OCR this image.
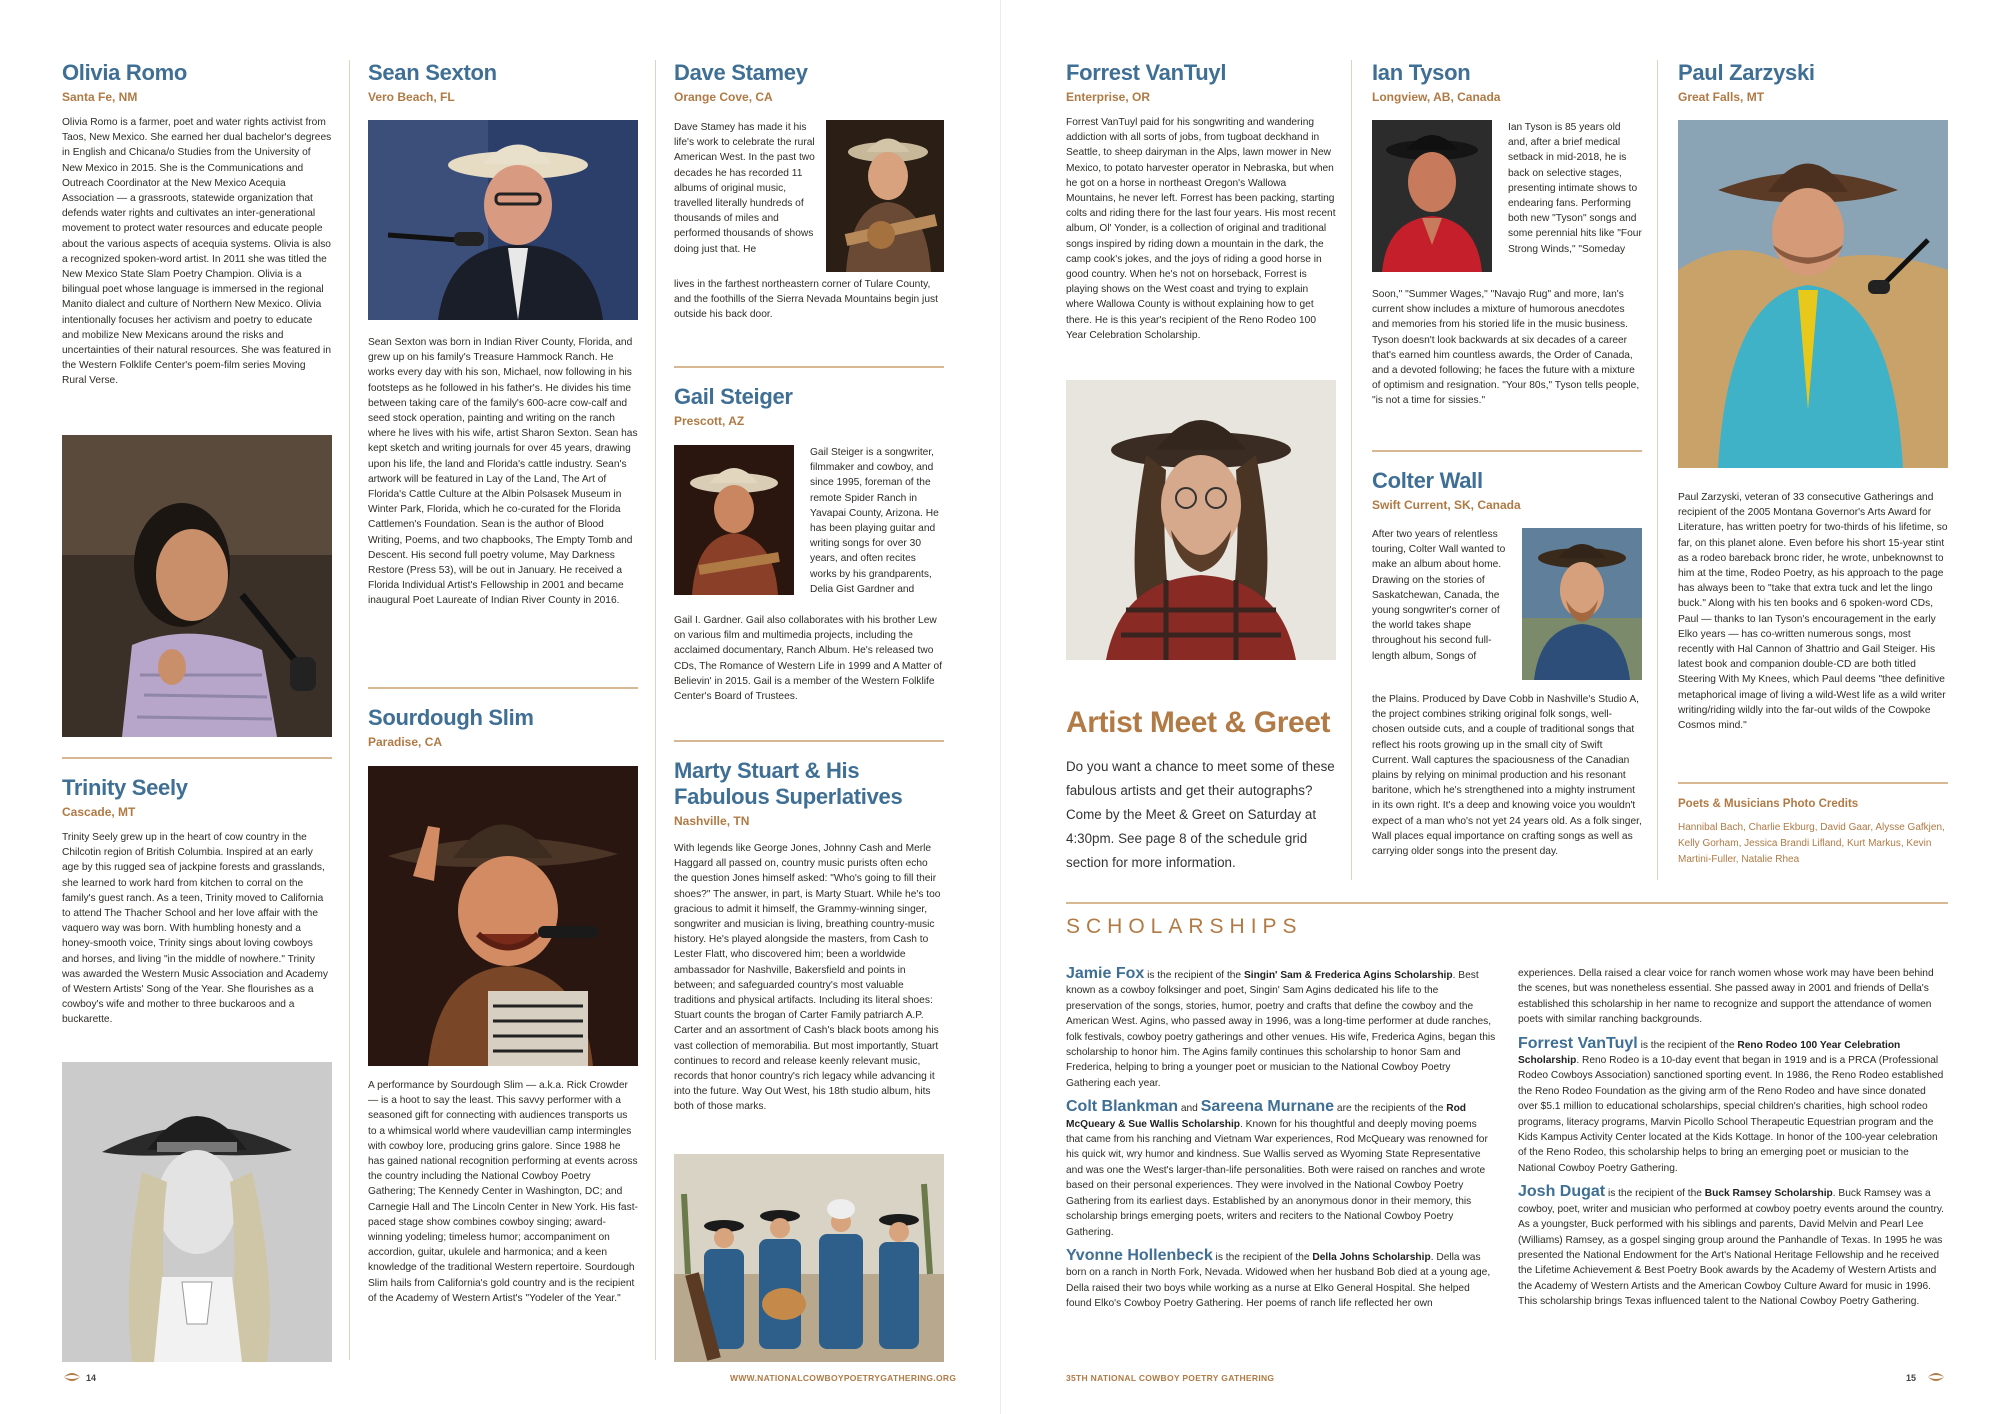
Olivia Romo
Santa Fe, NM
Olivia Romo is a farmer, poet and water rights activist from Taos, New Mexico. She earned her dual bachelor's degrees in English and Chicana/o Studies from the University of New Mexico in 2015. She is the Communications and Outreach Coordinator at the New Mexico Acequia Association — a grassroots, statewide organization that defends water rights and cultivates an inter-generational movement to protect water resources and educate people about the various aspects of acequia systems. Olivia is also a recognized spoken-word artist. In 2011 she was titled the New Mexico State Slam Poetry Champion. Olivia is a bilingual poet whose language is immersed in the regional Manito dialect and culture of Northern New Mexico. Olivia intentionally focuses her activism and poetry to educate and mobilize New Mexicans around the risks and uncertainties of their natural resources. She was featured in the Western Folklife Center's poem-film series Moving Rural Verse.
Trinity Seely
Cascade, MT
Trinity Seely grew up in the heart of cow country in the Chilcotin region of British Columbia. Inspired at an early age by this rugged sea of jackpine forests and grasslands, she learned to work hard from kitchen to corral on the family's guest ranch. As a teen, Trinity moved to California to attend The Thacher School and her love affair with the vaquero way was born. With humbling honesty and a honey-smooth voice, Trinity sings about loving cowboys and horses, and living "in the middle of nowhere." Trinity was awarded the Western Music Association and Academy of Western Artists' Song of the Year. She flourishes as a cowboy's wife and mother to three buckaroos and a buckarette.
Sean Sexton
Vero Beach, FL
Sean Sexton was born in Indian River County, Florida, and grew up on his family's Treasure Hammock Ranch. He works every day with his son, Michael, now following in his footsteps as he followed in his father's. He divides his time between taking care of the family's 600-acre cow-calf and seed stock operation, painting and writing on the ranch where he lives with his wife, artist Sharon Sexton. Sean has kept sketch and writing journals for over 45 years, drawing upon his life, the land and Florida's cattle industry. Sean's artwork will be featured in Lay of the Land, The Art of Florida's Cattle Culture at the Albin Polsasek Museum in Winter Park, Florida, which he co-curated for the Florida Cattlemen's Foundation. Sean is the author of Blood Writing, Poems, and two chapbooks, The Empty Tomb and Descent. His second full poetry volume, May Darkness Restore (Press 53), will be out in January. He received a Florida Individual Artist's Fellowship in 2001 and became inaugural Poet Laureate of Indian River County in 2016.
Sourdough Slim
Paradise, CA
A performance by Sourdough Slim — a.k.a. Rick Crowder — is a hoot to say the least. This savvy performer with a seasoned gift for connecting with audiences transports us to a whimsical world where vaudevillian camp intermingles with cowboy lore, producing grins galore. Since 1988 he has gained national recognition performing at events across the country including the National Cowboy Poetry Gathering; The Kennedy Center in Washington, DC; and Carnegie Hall and The Lincoln Center in New York. His fast-paced stage show combines cowboy singing; award-winning yodeling; timeless humor; accompaniment on accordion, guitar, ukulele and harmonica; and a keen knowledge of the traditional Western repertoire. Sourdough Slim hails from California's gold country and is the recipient of the Academy of Western Artist's "Yodeler of the Year."
Dave Stamey
Orange Cove, CA
Dave Stamey has made it his life's work to celebrate the rural American West. In the past two decades he has recorded 11 albums of original music, travelled literally hundreds of thousands of miles and performed thousands of shows doing just that. He
lives in the farthest northeastern corner of Tulare County, and the foothills of the Sierra Nevada Mountains begin just outside his back door.
Gail Steiger
Prescott, AZ
Gail Steiger is a songwriter, filmmaker and cowboy, and since 1995, foreman of the remote Spider Ranch in Yavapai County, Arizona. He has been playing guitar and writing songs for over 30 years, and often recites works by his grandparents, Delia Gist Gardner and
Gail I. Gardner. Gail also collaborates with his brother Lew on various film and multimedia projects, including the acclaimed documentary, Ranch Album. He's released two CDs, The Romance of Western Life in 1999 and A Matter of Believin' in 2015. Gail is a member of the Western Folklife Center's Board of Trustees.
Marty Stuart & His
Fabulous Superlatives
Nashville, TN
With legends like George Jones, Johnny Cash and Merle Haggard all passed on, country music purists often echo the question Jones himself asked: "Who's going to fill their shoes?" The answer, in part, is Marty Stuart. While he's too gracious to admit it himself, the Grammy-winning singer, songwriter and musician is living, breathing country-music history. He's played alongside the masters, from Cash to Lester Flatt, who discovered him; been a worldwide ambassador for Nashville, Bakersfield and points in between; and safeguarded country's most valuable traditions and physical artifacts. Including its literal shoes: Stuart counts the brogan of Carter Family patriarch A.P. Carter and an assortment of Cash's black boots among his vast collection of memorabilia. But most importantly, Stuart continues to record and release keenly relevant music, records that honor country's rich legacy while advancing it into the future. Way Out West, his 18th studio album, hits both of those marks.
Forrest VanTuyl
Enterprise, OR
Forrest VanTuyl paid for his songwriting and wandering addiction with all sorts of jobs, from tugboat deckhand in Seattle, to sheep dairyman in the Alps, lawn mower in New Mexico, to potato harvester operator in Nebraska, but when he got on a horse in northeast Oregon's Wallowa Mountains, he never left. Forrest has been packing, starting colts and riding there for the last four years. His most recent album, Ol' Yonder, is a collection of original and traditional songs inspired by riding down a mountain in the dark, the camp cook's jokes, and the joys of riding a good horse in good country. When he's not on horseback, Forrest is playing shows on the West coast and trying to explain where Wallowa County is without explaining how to get there. He is this year's recipient of the Reno Rodeo 100 Year Celebration Scholarship.
Artist Meet & Greet
Do you want a chance to meet some of these fabulous artists and get their autographs? Come by the Meet & Greet on Saturday at 4:30pm. See page 8 of the schedule grid section for more information.
Ian Tyson
Longview, AB, Canada
Ian Tyson is 85 years old and, after a brief medical setback in mid-2018, he is back on selective stages, presenting intimate shows to endearing fans. Performing both new "Tyson" songs and some perennial hits like "Four Strong Winds," "Someday
Soon," "Summer Wages," "Navajo Rug" and more, Ian's current show includes a mixture of humorous anecdotes and memories from his storied life in the music business. Tyson doesn't look backwards at six decades of a career that's earned him countless awards, the Order of Canada, and a devoted following; he faces the future with a mixture of optimism and resignation. "Your 80s," Tyson tells people, "is not a time for sissies."
Colter Wall
Swift Current, SK, Canada
After two years of relentless touring, Colter Wall wanted to make an album about home. Drawing on the stories of Saskatchewan, Canada, the young songwriter's corner of the world takes shape throughout his second full-length album, Songs of
the Plains. Produced by Dave Cobb in Nashville's Studio A, the project combines striking original folk songs, well-chosen outside cuts, and a couple of traditional songs that reflect his roots growing up in the small city of Swift Current. Wall captures the spaciousness of the Canadian plains by relying on minimal production and his resonant baritone, which he's strengthened into a mighty instrument in its own right. It's a deep and knowing voice you wouldn't expect of a man who's not yet 24 years old. As a folk singer, Wall places equal importance on crafting songs as well as carrying older songs into the present day.
Paul Zarzyski
Great Falls, MT
Paul Zarzyski, veteran of 33 consecutive Gatherings and recipient of the 2005 Montana Governor's Arts Award for Literature, has written poetry for two-thirds of his lifetime, so far, on this planet alone. Even before his short 15-year stint as a rodeo bareback bronc rider, he wrote, unbeknownst to him at the time, Rodeo Poetry, as his approach to the page has always been to "take that extra tuck and let the lingo buck." Along with his ten books and 6 spoken-word CDs, Paul — thanks to Ian Tyson's encouragement in the early Elko years — has co-written numerous songs, most recently with Hal Cannon of 3hattrio and Gail Steiger. His latest book and companion double-CD are both titled Steering With My Knees, which Paul deems "thee definitive metaphorical image of living a wild-West life as a wild writer writing/riding wildly into the far-out wilds of the Cowpoke Cosmos mind."
Poets & Musicians Photo Credits
Hannibal Bach, Charlie Ekburg, David Gaar, Alysse Gafkjen, Kelly Gorham, Jessica Brandi Lifland, Kurt Markus, Kevin Martini-Fuller, Natalie Rhea
SCHOLARSHIPS
Jamie Fox is the recipient of the Singin' Sam & Frederica Agins Scholarship. Best known as a cowboy folksinger and poet, Singin' Sam Agins dedicated his life to the preservation of the songs, stories, humor, poetry and crafts that define the cowboy and the American West. Agins, who passed away in 1996, was a long-time performer at dude ranches, folk festivals, cowboy poetry gatherings and other venues. His wife, Frederica Agins, began this scholarship to honor him. The Agins family continues this scholarship to honor Sam and Frederica, helping to bring a younger poet or musician to the National Cowboy Poetry Gathering each year.
Colt Blankman and Sareena Murnane are the recipients of the Rod McQueary & Sue Wallis Scholarship. Known for his thoughtful and deeply moving poems that came from his ranching and Vietnam War experiences, Rod McQueary was renowned for his quick wit, wry humor and kindness. Sue Wallis served as Wyoming State Representative and was one the West's larger-than-life personalities. Both were raised on ranches and wrote based on their personal experiences. They were involved in the National Cowboy Poetry Gathering from its earliest days. Established by an anonymous donor in their memory, this scholarship brings emerging poets, writers and reciters to the National Cowboy Poetry Gathering.
Yvonne Hollenbeck is the recipient of the Della Johns Scholarship. Della was born on a ranch in North Fork, Nevada. Widowed when her husband Bob died at a young age, Della raised their two boys while working as a nurse at Elko General Hospital. She helped found Elko's Cowboy Poetry Gathering. Her poems of ranch life reflected her own
experiences. Della raised a clear voice for ranch women whose work may have been behind the scenes, but was nonetheless essential. She passed away in 2001 and friends of Della's established this scholarship in her name to recognize and support the attendance of women poets with similar ranching backgrounds.
Forrest VanTuyl is the recipient of the Reno Rodeo 100 Year Celebration Scholarship. Reno Rodeo is a 10-day event that began in 1919 and is a PRCA (Professional Rodeo Cowboys Association) sanctioned sporting event. In 1986, the Reno Rodeo established the Reno Rodeo Foundation as the giving arm of the Reno Rodeo and have since donated over $5.1 million to educational scholarships, special children's charities, high school rodeo programs, literacy programs, Marvin Picollo School Therapeutic Equestrian program and the Kids Kampus Activity Center located at the Kids Kottage. In honor of the 100-year celebration of the Reno Rodeo, this scholarship helps to bring an emerging poet or musician to the National Cowboy Poetry Gathering.
Josh Dugat is the recipient of the Buck Ramsey Scholarship. Buck Ramsey was a cowboy, poet, writer and musician who performed at cowboy poetry events around the country. As a youngster, Buck performed with his siblings and parents, David Melvin and Pearl Lee (Williams) Ramsey, as a gospel singing group around the Panhandle of Texas. In 1995 he was presented the National Endowment for the Art's National Heritage Fellowship and he received the Lifetime Achievement & Best Poetry Book awards by the Academy of Western Artists and the Academy of Western Artists and the American Cowboy Culture Award for music in 1996. This scholarship brings Texas influenced talent to the National Cowboy Poetry Gathering.
14	WWW.NATIONALCOWBOYPOETRYGATHERING.ORG	35TH NATIONAL COWBOY POETRY GATHERING	15
